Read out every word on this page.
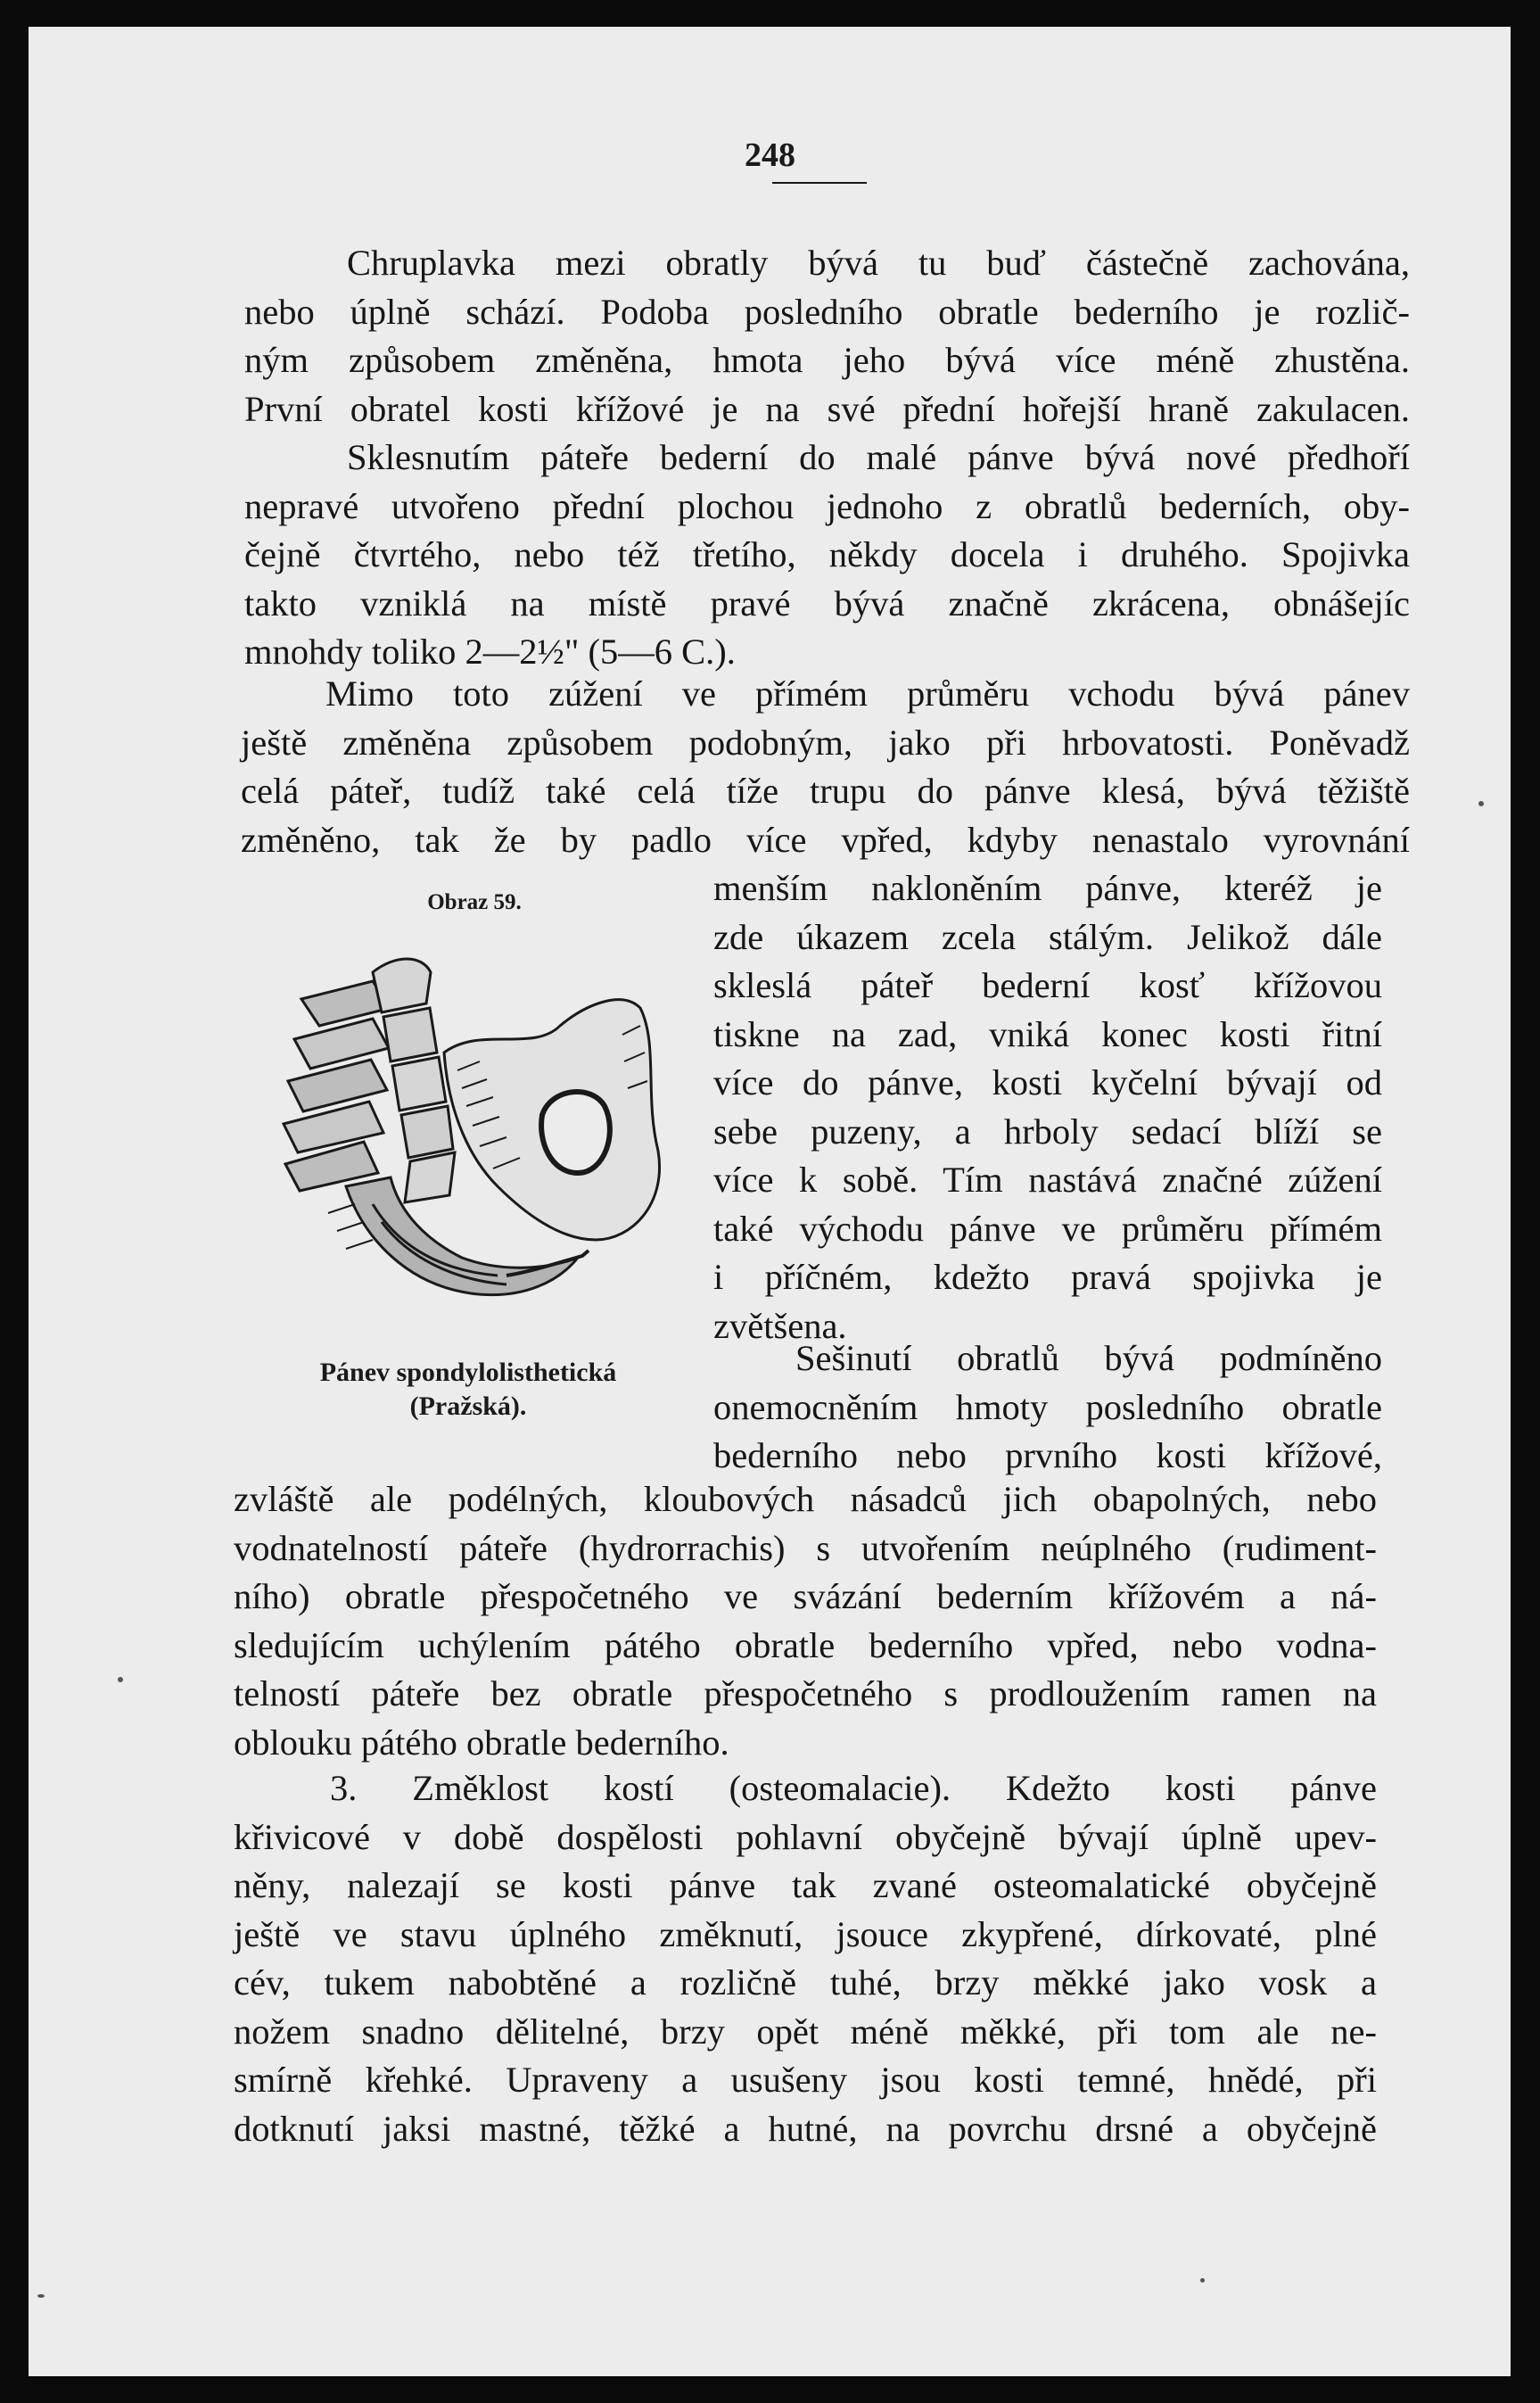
248
Chruplavka mezi obratly bývá tu buď částečně zachována,
nebo úplně schází. Podoba posledního obratle bederního je rozlič-
ným způsobem změněna, hmota jeho bývá více méně zhustěna.
První obratel kosti křížové je na své přední hořejší hraně zakulacen.
Sklesnutím páteře bederní do malé pánve bývá nové předhoří
nepravé utvořeno přední plochou jednoho z obratlů bederních, oby-
čejně čtvrtého, nebo též třetího, někdy docela i druhého. Spojivka
takto vzniklá na místě pravé bývá značně zkrácena, obnášejíc
mnohdy toliko 2—2½" (5—6 C.).
Mimo toto zúžení ve přímém průměru vchodu bývá pánev
ještě změněna způsobem podobným, jako při hrbovatosti. Poněvadž
celá páteř, tudíž také celá tíže trupu do pánve klesá, bývá těžiště
změněno, tak že by padlo více vpřed, kdyby nenastalo vyrovnání
menším nakloněním pánve, kteréž je
zde úkazem zcela stálým. Jelikož dále
skleslá páteř bederní kosť křížovou
tiskne na zad, vniká konec kosti řitní
více do pánve, kosti kyčelní bývají od
sebe puzeny, a hrboly sedací blíží se
více k sobě. Tím nastává značné zúžení
také východu pánve ve průměru přímém
i příčném, kdežto pravá spojivka je
zvětšena.
Sešinutí obratlů bývá podmíněno
onemocněním hmoty posledního obratle
bederního nebo prvního kosti křížové,
zvláště ale podélných, kloubových násadců jich obapolných, nebo
vodnatelností páteře (hydrorrachis) s utvořením neúplného (rudiment-
ního) obratle přespočetného ve svázání bederním křížovém a ná-
sledujícím uchýlením pátého obratle bederního vpřed, nebo vodna-
telností páteře bez obratle přespočetného s prodloužením ramen na
oblouku pátého obratle bederního.
3. Změklost kostí (osteomalacie). Kdežto kosti pánve
křivicové v době dospělosti pohlavní obyčejně bývají úplně upev-
něny, nalezají se kosti pánve tak zvané osteomalatické obyčejně
ještě ve stavu úplného změknutí, jsouce zkypřené, dírkovaté, plné
cév, tukem nabobtěné a rozličně tuhé, brzy měkké jako vosk a
nožem snadno dělitelné, brzy opět méně měkké, při tom ale ne-
smírně křehké. Upraveny a usušeny jsou kosti temné, hnědé, při
dotknutí jaksi mastné, těžké a hutné, na povrchu drsné a obyčejně
Obraz 59.
Pánev spondylolisthetická
(Pražská).
